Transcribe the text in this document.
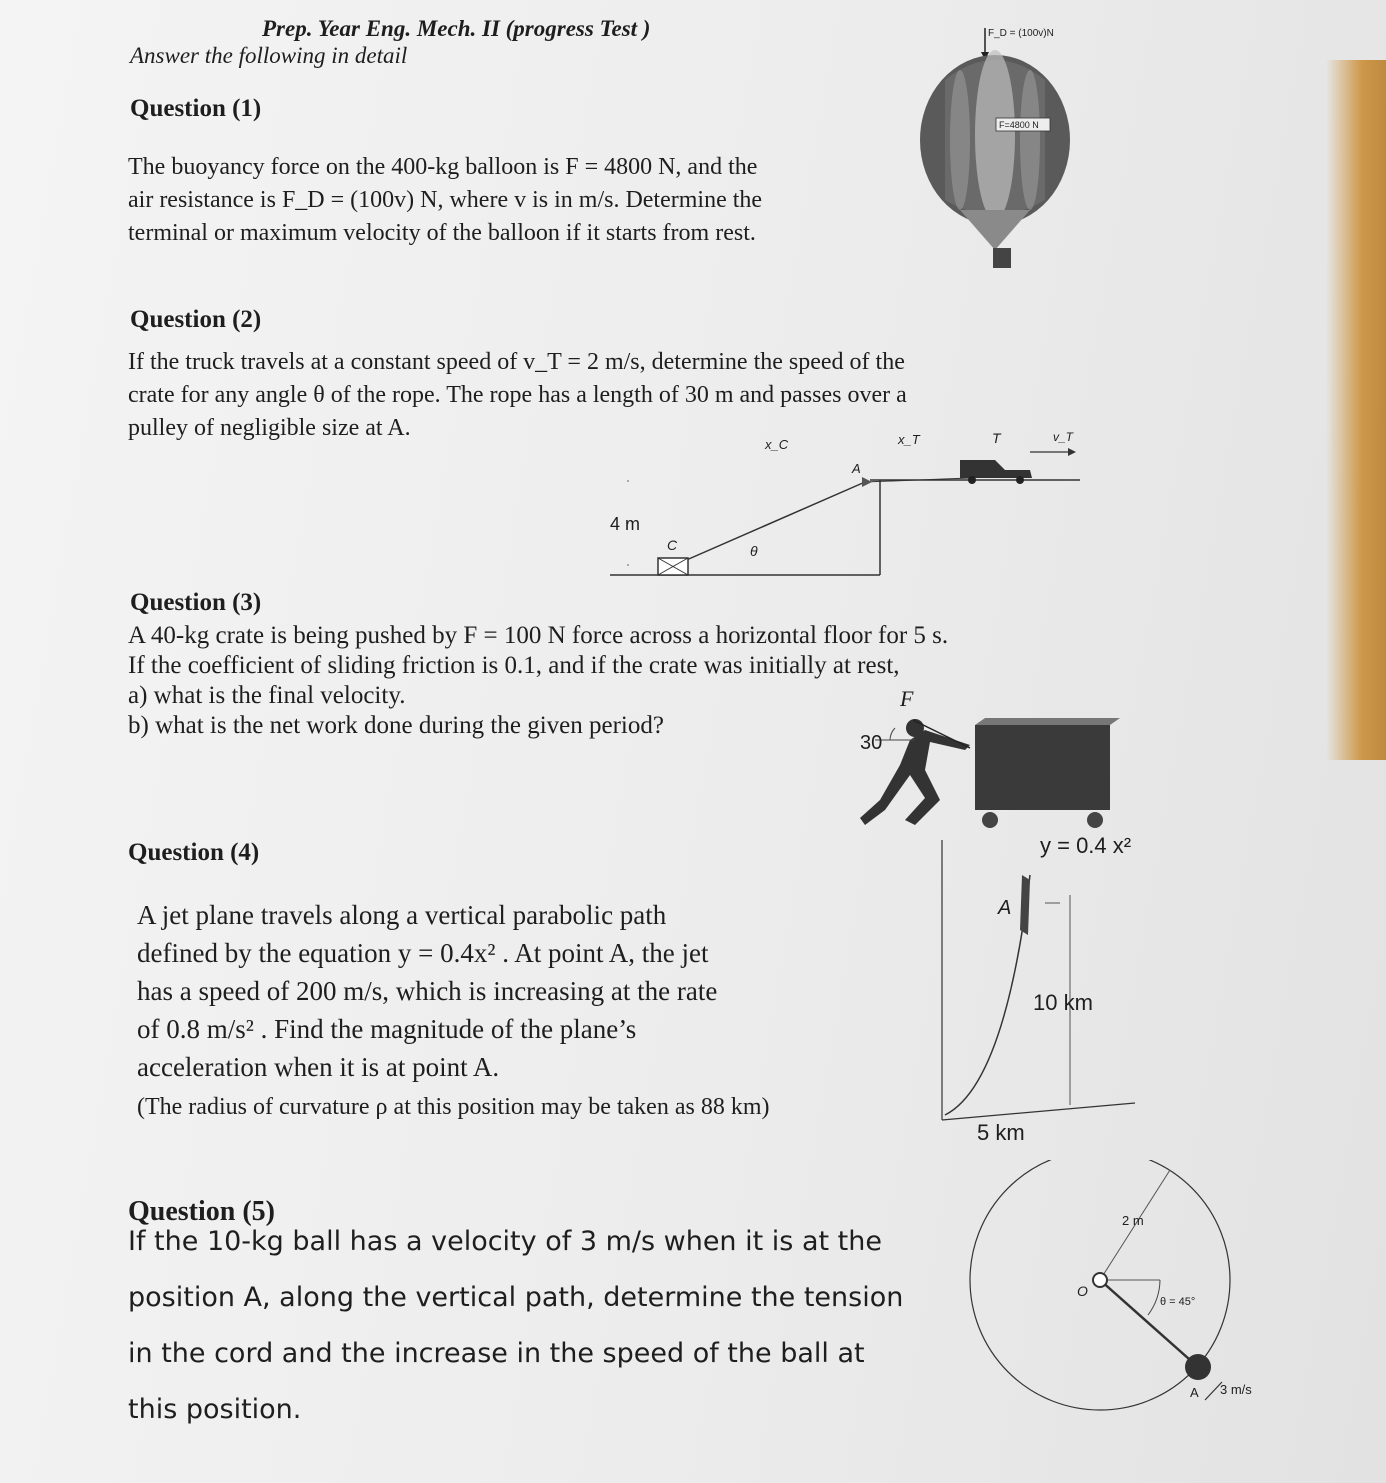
Prep. Year Eng. Mech. II (progress Test )
Answer the following in detail
Question (1)
The buoyancy force on the 400-kg balloon is F = 4800 N, and the
air resistance is F_D = (100v) N, where v is in m/s. Determine the
terminal or maximum velocity of the balloon if it starts from rest.
F_D = (100v)N
F=4800 N
Question (2)
If the truck travels at a constant speed of v_T = 2 m/s, determine the speed of the
crate for any angle θ of the rope. The rope has a length of 30 m and passes over a
pulley of negligible size at A.
x_C	x_T	T	v_T
A
4 m
C	θ
Question (3)
A 40-kg crate is being pushed by F = 100 N force across a horizontal floor for 5 s.
If the coefficient of sliding friction is 0.1, and if the crate was initially at rest,
a) what is the final velocity.
b) what is the net work done during the given period?
F
30
Question (4)
A jet plane travels along a vertical parabolic path
defined by the equation y = 0.4x² . At point A, the jet
has a speed of 200 m/s, which is increasing at the rate
of 0.8 m/s² . Find the magnitude of the plane’s
acceleration when it is at point A.
(The radius of curvature ρ at this position may be taken as 88 km)
y = 0.4 x²
A
10 km
5 km
Question (5)
If the 10-kg ball has a velocity of 3 m/s when it is at the
position A, along the vertical path, determine the tension
in the cord and the increase in the speed of the ball at
this position.
2 m
O
θ = 45°
A 3 m/s
